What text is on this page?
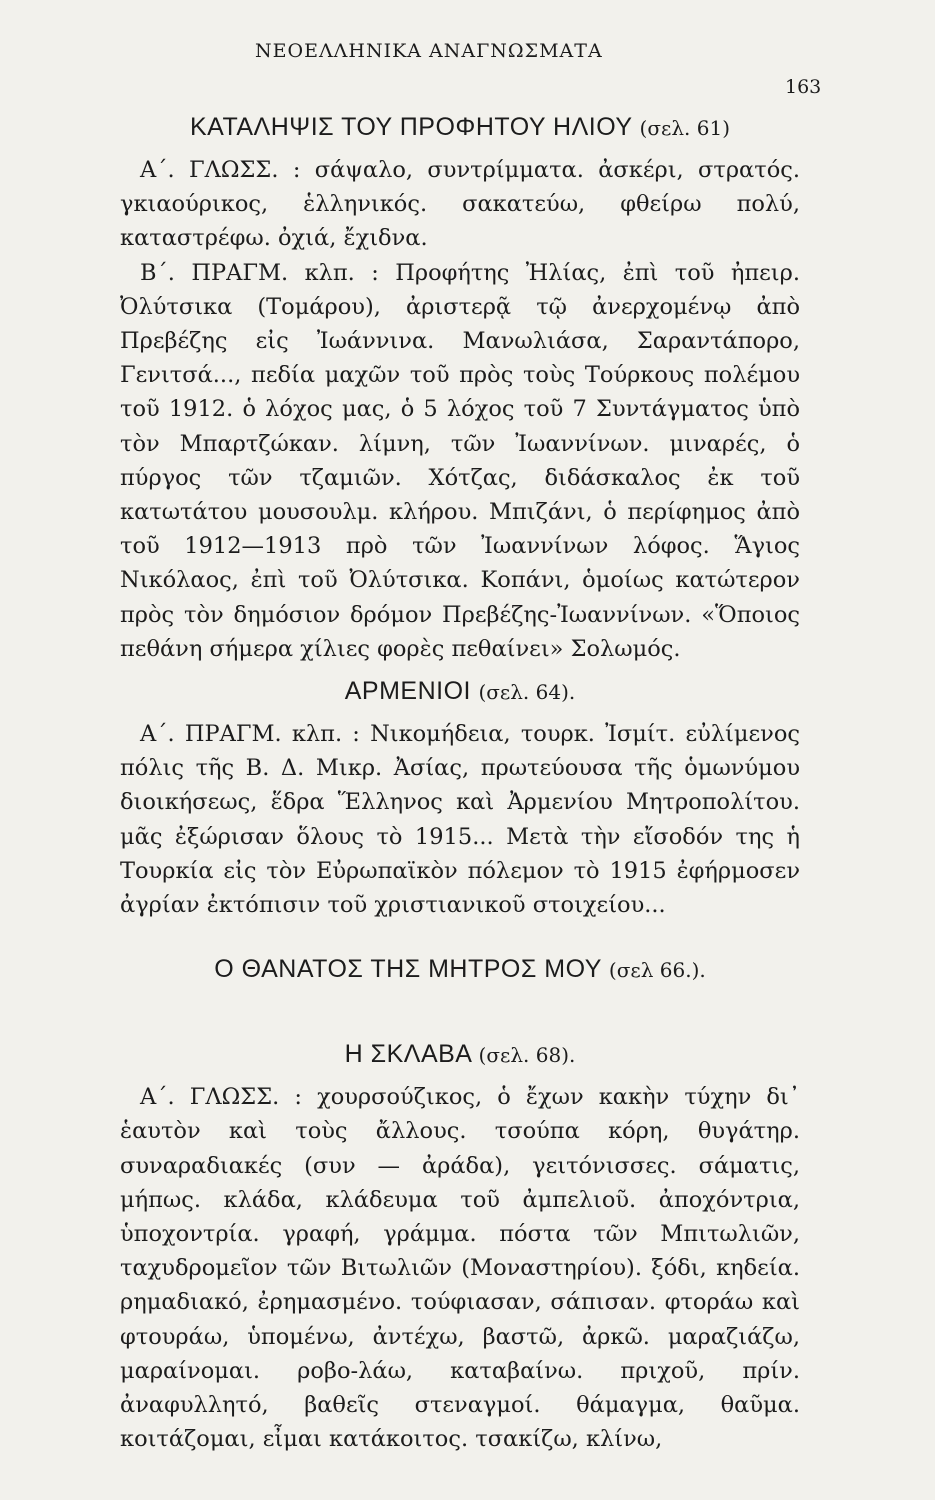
ΝΕΟΕΛΛΗΝΙΚΑ ΑΝΑΓΝΩΣΜΑΤΑ
163
ΚΑΤΑΛΗΨΙΣ ΤΟΥ ΠΡΟΦΗΤΟΥ ΗΛΙΟΥ (σελ. 61)

Α΄. ΓΛΩΣΣ. : σάψαλο, συντρίμματα. ἀσκέρι, στρατός. γκιαούρικος, ἑλληνικός. σακατεύω, φθείρω πολύ, καταστρέφω. ὀχιά, ἔχιδνα.

Β΄. ΠΡΑΓΜ. κλπ. : Προφήτης Ἠλίας, ἐπὶ τοῦ ἠπειρ. Ὀλύτσικα (Τομάρου), ἀριστερᾷ τῷ ἀνερχομένῳ ἀπὸ Πρεβέζης εἰς Ἰωάννινα. Μανωλιάσα, Σαραντάπορο, Γενιτσά..., πεδία μαχῶν τοῦ πρὸς τοὺς Τούρκους πολέμου τοῦ 1912. ὁ λόχος μας, ὁ 5 λόχος τοῦ 7 Συντάγματος ὑπὸ τὸν Μπαρτζώκαν. λίμνη, τῶν Ἰωαννίνων. μιναρές, ὁ πύργος τῶν τζαμιῶν. Χότζας, διδάσκαλος ἐκ τοῦ κατωτάτου μουσουλμ. κλήρου. Μπιζάνι, ὁ περίφημος ἀπὸ τοῦ 1912—1913 πρὸ τῶν Ἰωαννίνων λόφος. Ἅγιος Νικόλαος, ἐπὶ τοῦ Ὀλύτσικα. Κοπάνι, ὁμοίως κατώτερον πρὸς τὸν δημόσιον δρόμον Πρεβέζης-Ἰωαννίνων. «Ὅποιος πεθάνη σήμερα χίλιες φορὲς πεθαίνει» Σολωμός.

ΑΡΜΕΝΙΟΙ (σελ. 64).

Α΄. ΠΡΑΓΜ. κλπ. : Νικομήδεια, τουρκ. Ἰσμίτ. εὐλίμενος πόλις τῆς Β. Δ. Μικρ. Ἀσίας, πρωτεύουσα τῆς ὁμωνύμου διοικήσεως, ἕδρα Ἕλληνος καὶ Ἀρμενίου Μητροπολίτου. μᾶς ἐξώρισαν ὅλους τὸ 1915... Μετὰ τὴν εἴσοδόν της ἡ Τουρκία εἰς τὸν Εὐρωπαϊκὸν πόλεμον τὸ 1915 ἐφήρμοσεν ἀγρίαν ἐκτόπισιν τοῦ χριστιανικοῦ στοιχείου...

Ο ΘΑΝΑΤΟΣ ΤΗΣ ΜΗΤΡΟΣ ΜΟΥ (σελ 66.).
Η ΣΚΛΑΒΑ (σελ. 68).

Α΄. ΓΛΩΣΣ. : χουρσούζικος, ὁ ἔχων κακὴν τύχην δι᾽ ἑαυτὸν καὶ τοὺς ἄλλους. τσούπα κόρη, θυγάτηρ. συναραδιακές (συν — ἀράδα), γειτόνισσες. σάματις, μήπως. κλάδα, κλάδευμα τοῦ ἀμπελιοῦ. ἀποχόντρια, ὑποχοντρία. γραφή, γράμμα. πόστα τῶν Μπιτωλιῶν, ταχυδρομεῖον τῶν Βιτωλιῶν (Μοναστηρίου). ξόδι, κηδεία. ρημαδιακό, ἐρημασμένο. τούφιασαν, σάπισαν. φτοράω καὶ φτουράω, ὑπομένω, ἀντέχω, βαστῶ, ἀρκῶ. μαραζιάζω, μαραίνομαι. ροβο-λάω, καταβαίνω. πριχοῦ, πρίν. ἀναφυλλητό, βαθεῖς στεναγμοί. θάμαγμα, θαῦμα. κοιτάζομαι, εἶμαι κατάκοιτος. τσακίζω, κλίνω,
